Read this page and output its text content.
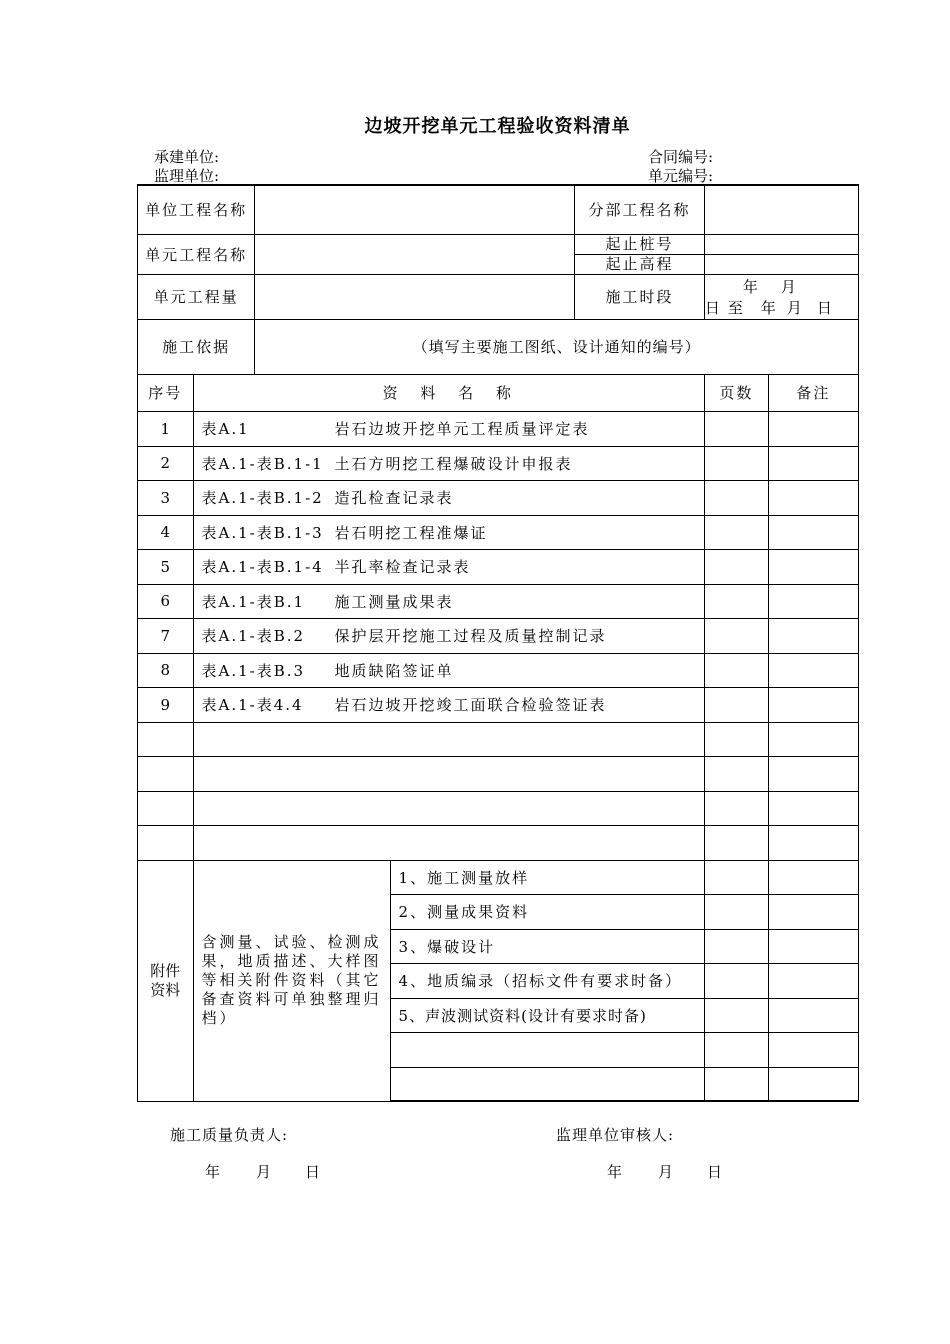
边坡开挖单元工程验收资料清单
承建单位:
监理单位:
合同编号:
单元编号:
单位工程名称				分部工程名称		
单元工程名称				起止桩号		
				起止高程		
单元工程量				施工时段	年 月日至 年 月 日	
施工依据		（填写主要施工图纸、设计通知的编号）				
序号	资 料 名 称				页数	备注
1	表A.1 岩石边坡开挖单元工程质量评定表					
2	表A.1-表B.1-1 土石方明挖工程爆破设计申报表					
3	表A.1-表B.1-2 造孔检查记录表					
4	表A.1-表B.1-3 岩石明挖工程准爆证					
5	表A.1-表B.1-4 半孔率检查记录表					
6	表A.1-表B.1 施工测量成果表					
7	表A.1-表B.2 保护层开挖施工过程及质量控制记录					
8	表A.1-表B.3 地质缺陷签证单					
9	表A.1-表4.4 岩石边坡开挖竣工面联合检验签证表					

附件资料	含测量、试验、检测成果，地质描述、大样图等相关附件资料（其它备查资料可单独整理归档）		1、施工测量放样			
			2、测量成果资料			
			3、爆破设计			
			4、地质编录（招标文件有要求时备）			
			5、声波测试资料(设计有要求时备)			

施工质量负责人:	监理单位审核人:
年 月 日	年 月 日
